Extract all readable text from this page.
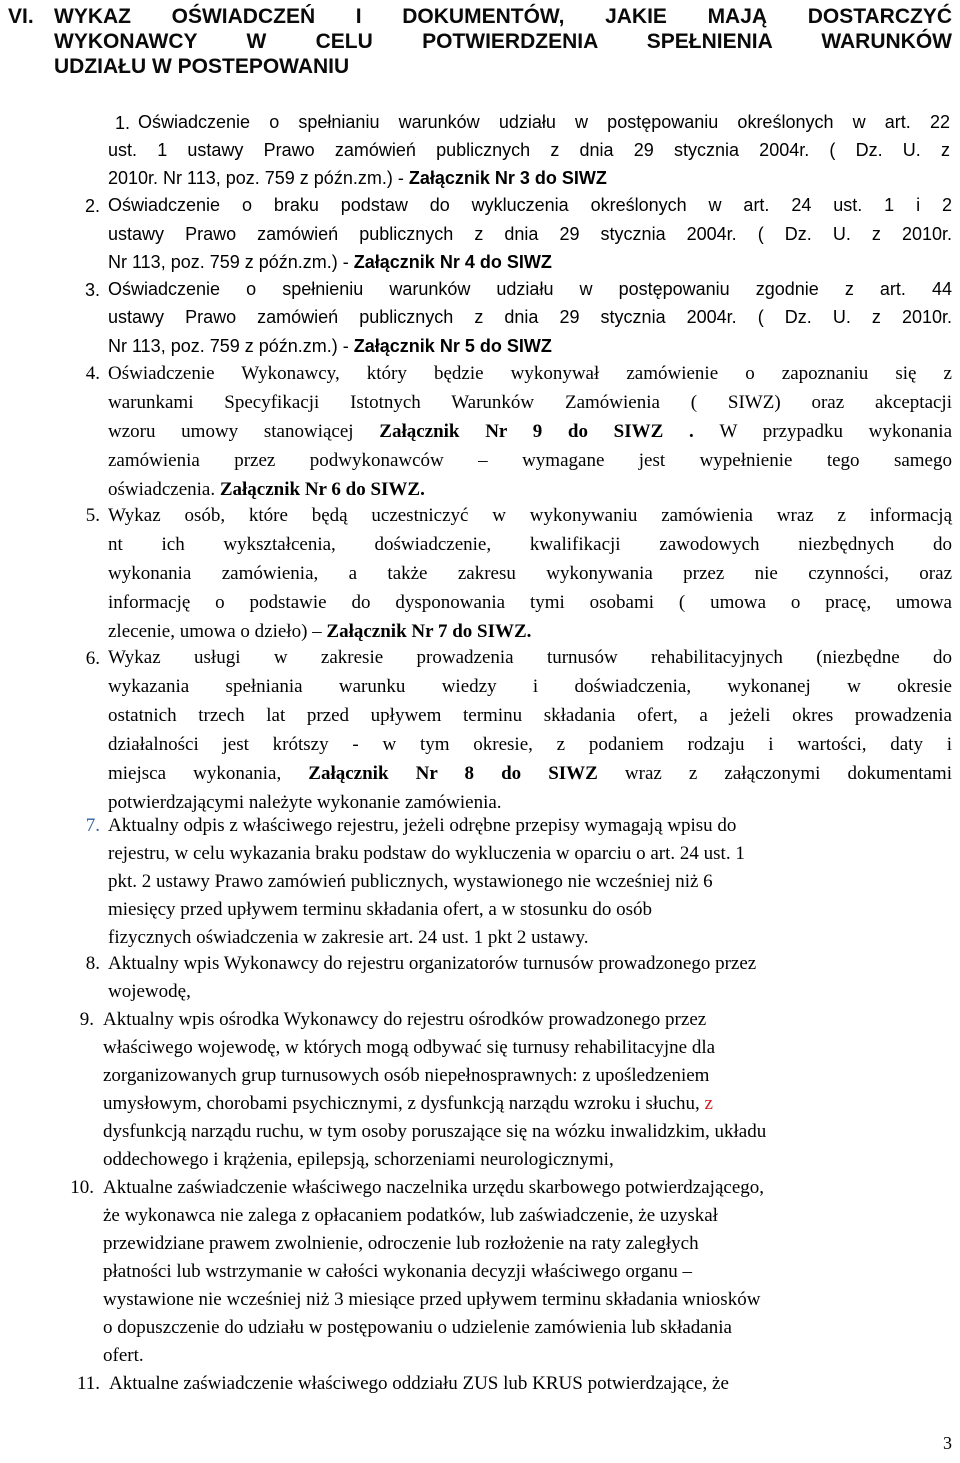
VI. WYKAZ OŚWIADCZEŃ I DOKUMENTÓW, JAKIE MAJĄ DOSTARCZYĆ
WYKONAWCY W CELU POTWIERDZENIA SPEŁNIENIA WARUNKÓW
UDZIAŁU W POSTEPOWANIU
1. Oświadczenie o spełnianiu warunków udziału w postępowaniu określonych w art. 22
ust. 1 ustawy Prawo zamówień publicznych z dnia 29 stycznia 2004r. ( Dz. U. z
2010r. Nr 113, poz. 759 z późn.zm.) - Załącznik Nr 3 do SIWZ
2. Oświadczenie o braku podstaw do wykluczenia określonych w art. 24 ust. 1 i 2
ustawy Prawo zamówień publicznych z dnia 29 stycznia 2004r. ( Dz. U. z 2010r.
Nr 113, poz. 759 z późn.zm.) - Załącznik Nr 4 do SIWZ
3. Oświadczenie o spełnieniu warunków udziału w postępowaniu zgodnie z art. 44
ustawy Prawo zamówień publicznych z dnia 29 stycznia 2004r. ( Dz. U. z 2010r.
Nr 113, poz. 759 z późn.zm.) - Załącznik Nr 5 do SIWZ
4. Oświadczenie Wykonawcy, który będzie wykonywał zamówienie o zapoznaniu się z
warunkami Specyfikacji Istotnych Warunków Zamówienia ( SIWZ) oraz akceptacji
wzoru umowy stanowiącej Załącznik Nr 9 do SIWZ . W przypadku wykonania
zamówienia przez podwykonawców – wymagane jest wypełnienie tego samego
oświadczenia. Załącznik Nr 6 do SIWZ.
5. Wykaz osób, które będą uczestniczyć w wykonywaniu zamówienia wraz z informacją
nt ich wykształcenia, doświadczenie, kwalifikacji zawodowych niezbędnych do
wykonania zamówienia, a także zakresu wykonywania przez nie czynności, oraz
informację o podstawie do dysponowania tymi osobami ( umowa o pracę, umowa
zlecenie, umowa o dzieło) – Załącznik Nr 7 do SIWZ.
6. Wykaz usługi w zakresie prowadzenia turnusów rehabilitacyjnych (niezbędne do
wykazania spełniania warunku wiedzy i doświadczenia, wykonanej w okresie
ostatnich trzech lat przed upływem terminu składania ofert, a jeżeli okres prowadzenia
działalności jest krótszy - w tym okresie, z podaniem rodzaju i wartości, daty i
miejsca wykonania, Załącznik Nr 8 do SIWZ wraz z załączonymi dokumentami
potwierdzającymi należyte wykonanie zamówienia.
7. Aktualny odpis z właściwego rejestru, jeżeli odrębne przepisy wymagają wpisu do
rejestru, w celu wykazania braku podstaw do wykluczenia w oparciu o art. 24 ust. 1
pkt. 2 ustawy Prawo zamówień publicznych, wystawionego nie wcześniej niż 6
miesięcy przed upływem terminu składania ofert, a w stosunku do osób
fizycznych oświadczenia w zakresie art. 24 ust. 1 pkt 2 ustawy.
8. Aktualny wpis Wykonawcy do rejestru organizatorów turnusów prowadzonego przez
wojewodę,
9. Aktualny wpis ośrodka Wykonawcy do rejestru ośrodków prowadzonego przez
właściwego wojewodę, w których mogą odbywać się turnusy rehabilitacyjne dla
zorganizowanych grup turnusowych osób niepełnosprawnych: z upośledzeniem
umysłowym, chorobami psychicznymi, z dysfunkcją narządu wzroku i słuchu, z
dysfunkcją narządu ruchu, w tym osoby poruszające się na wózku inwalidzkim, układu
oddechowego i krążenia, epilepsją, schorzeniami neurologicznymi,
10. Aktualne zaświadczenie właściwego naczelnika urzędu skarbowego potwierdzającego,
że wykonawca nie zalega z opłacaniem podatków, lub zaświadczenie, że uzyskał
przewidziane prawem zwolnienie, odroczenie lub rozłożenie na raty zaległych
płatności lub wstrzymanie w całości wykonania decyzji właściwego organu –
wystawione nie wcześniej niż 3 miesiące przed upływem terminu składania wniosków
o dopuszczenie do udziału w postępowaniu o udzielenie zamówienia lub składania
ofert.
11. Aktualne zaświadczenie właściwego oddziału ZUS lub KRUS potwierdzające, że
3
